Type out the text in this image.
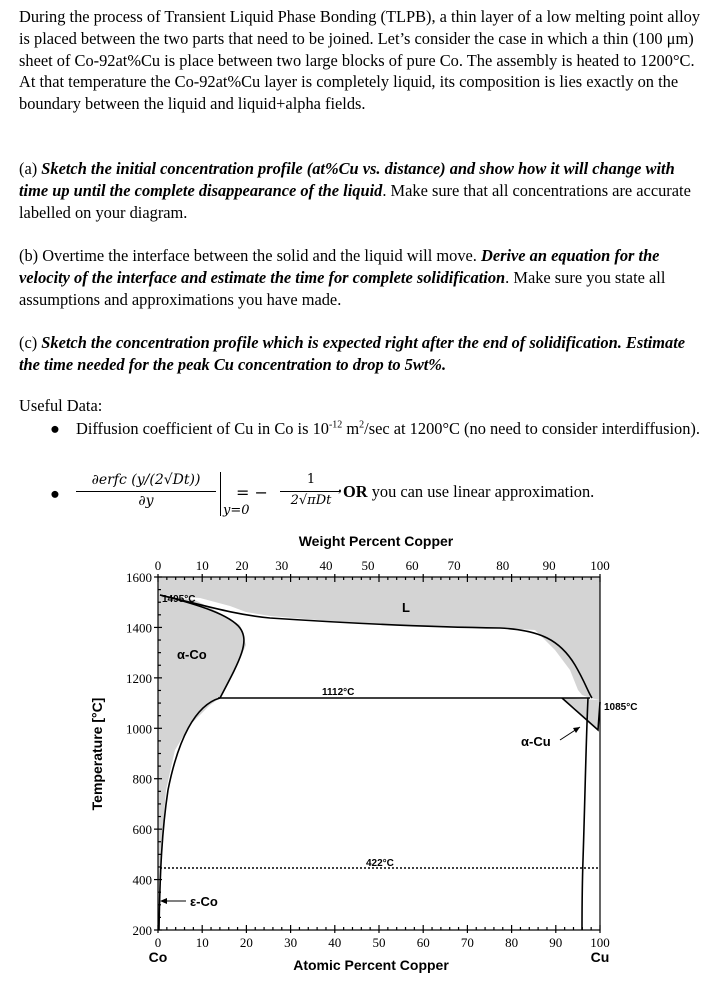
During the process of Transient Liquid Phase Bonding (TLPB), a thin layer of a low melting point alloy is placed between the two parts that need to be joined. Let’s consider the case in which a thin (100 μm) sheet of Co-92at%Cu is place between two large blocks of pure Co. The assembly is heated to 1200°C. At that temperature the Co-92at%Cu layer is completely liquid, its composition is lies exactly on the boundary between the liquid and liquid+alpha fields.
(a) Sketch the initial concentration profile (at%Cu vs. distance) and show how it will change with time up until the complete disappearance of the liquid. Make sure that all concentrations are accurate labelled on your diagram.
(b) Overtime the interface between the solid and the liquid will move. Derive an equation for the velocity of the interface and estimate the time for complete solidification. Make sure you state all assumptions and approximations you have made.
(c) Sketch the concentration profile which is expected right after the end of solidification. Estimate the time needed for the peak Cu concentration to drop to 5wt%.
Useful Data:
● Diffusion coefficient of Cu in Co is $10^{-12}$ $m^2/\sec$ at 1200°C (no need to consider interdiffusion).
●
∂erfc (y/(2√Dt))
∂y
y=0
= −
1
2√πDt
, OR you can use linear approximation.
Weight Percent Copper
Atomic Percent Copper
Temperature [°C]
Co	Cu
1495°C
L
α-Co
1112°C
1085°C
α-Cu
422°C
ε-Co
1600
1400
1200
1000
800
600
400
200
0	10 20 30 40 50 60 70 80 90 100
0	10 20 30 40 50 60 70	80	90	100
